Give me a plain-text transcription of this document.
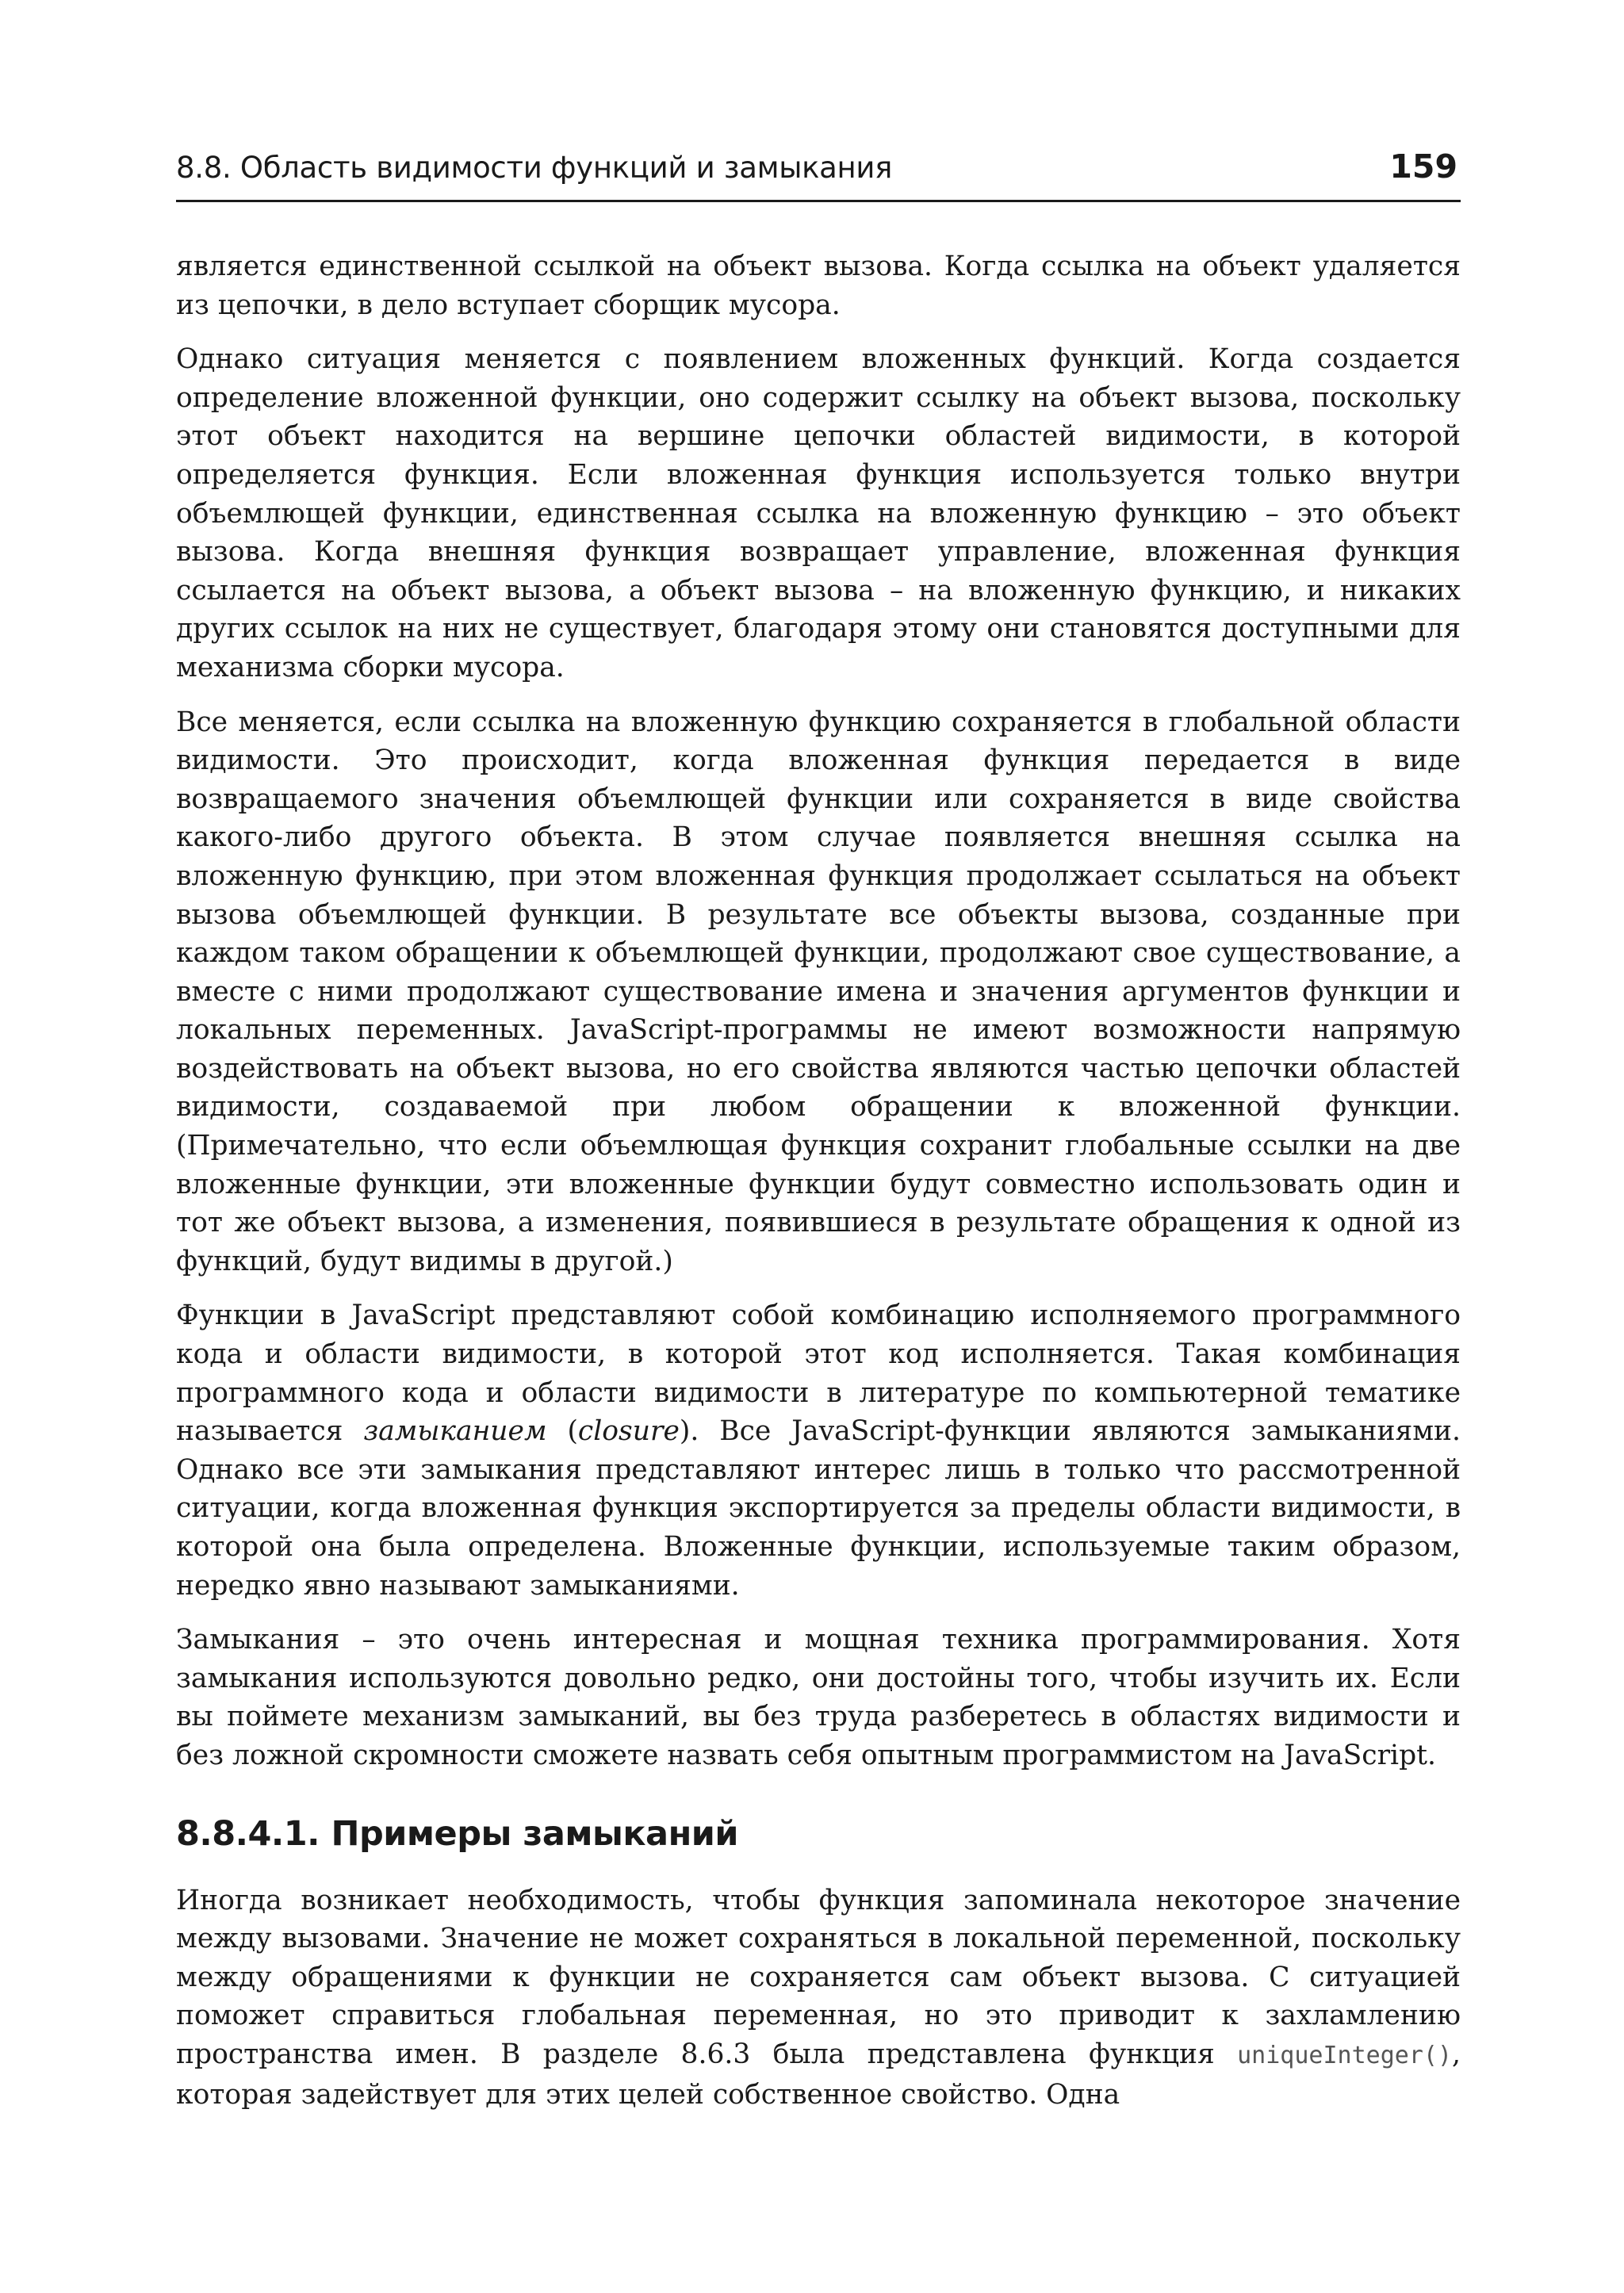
8.8. Область видимости функций и замыкания	159

является единственной ссылкой на объект вызова. Когда ссылка на объект удаляется из цепочки, в дело вступает сборщик мусора.

Однако ситуация меняется с появлением вложенных функций. Когда создается определение вложенной функции, оно содержит ссылку на объект вызова, поскольку этот объект находится на вершине цепочки областей видимости, в которой определяется функция. Если вложенная функция используется только внутри объемлющей функции, единственная ссылка на вложенную функцию – это объект вызова. Когда внешняя функция возвращает управление, вложенная функция ссылается на объект вызова, а объект вызова – на вложенную функцию, и никаких других ссылок на них не существует, благодаря этому они становятся доступными для механизма сборки мусора.

Все меняется, если ссылка на вложенную функцию сохраняется в глобальной области видимости. Это происходит, когда вложенная функция передается в виде возвращаемого значения объемлющей функции или сохраняется в виде свойства какого-либо другого объекта. В этом случае появляется внешняя ссылка на вложенную функцию, при этом вложенная функция продолжает ссылаться на объект вызова объемлющей функции. В результате все объекты вызова, созданные при каждом таком обращении к объемлющей функции, продолжают свое существование, а вместе с ними продолжают существование имена и значения аргументов функции и локальных переменных. JavaScript-программы не имеют возможности напрямую воздействовать на объект вызова, но его свойства являются частью цепочки областей видимости, создаваемой при любом обращении к вложенной функции. (Примечательно, что если объемлющая функция сохранит глобальные ссылки на две вложенные функции, эти вложенные функции будут совместно использовать один и тот же объект вызова, а изменения, появившиеся в результате обращения к одной из функций, будут видимы в другой.)

Функции в JavaScript представляют собой комбинацию исполняемого программного кода и области видимости, в которой этот код исполняется. Такая комбинация программного кода и области видимости в литературе по компьютерной тематике называется замыканием (closure). Все JavaScript-функции являются замыканиями. Однако все эти замыкания представляют интерес лишь в только что рассмотренной ситуации, когда вложенная функция экспортируется за пределы области видимости, в которой она была определена. Вложенные функции, используемые таким образом, нередко явно называют замыканиями.

Замыкания – это очень интересная и мощная техника программирования. Хотя замыкания используются довольно редко, они достойны того, чтобы изучить их. Если вы поймете механизм замыканий, вы без труда разберетесь в областях видимости и без ложной скромности сможете назвать себя опытным программистом на JavaScript.

8.8.4.1. Примеры замыканий

Иногда возникает необходимость, чтобы функция запоминала некоторое значение между вызовами. Значение не может сохраняться в локальной переменной, поскольку между обращениями к функции не сохраняется сам объект вызова. С ситуацией поможет справиться глобальная переменная, но это приводит к захламлению пространства имен. В разделе 8.6.3 была представлена функция uniqueInteger(), которая задействует для этих целей собственное свойство. Одна
